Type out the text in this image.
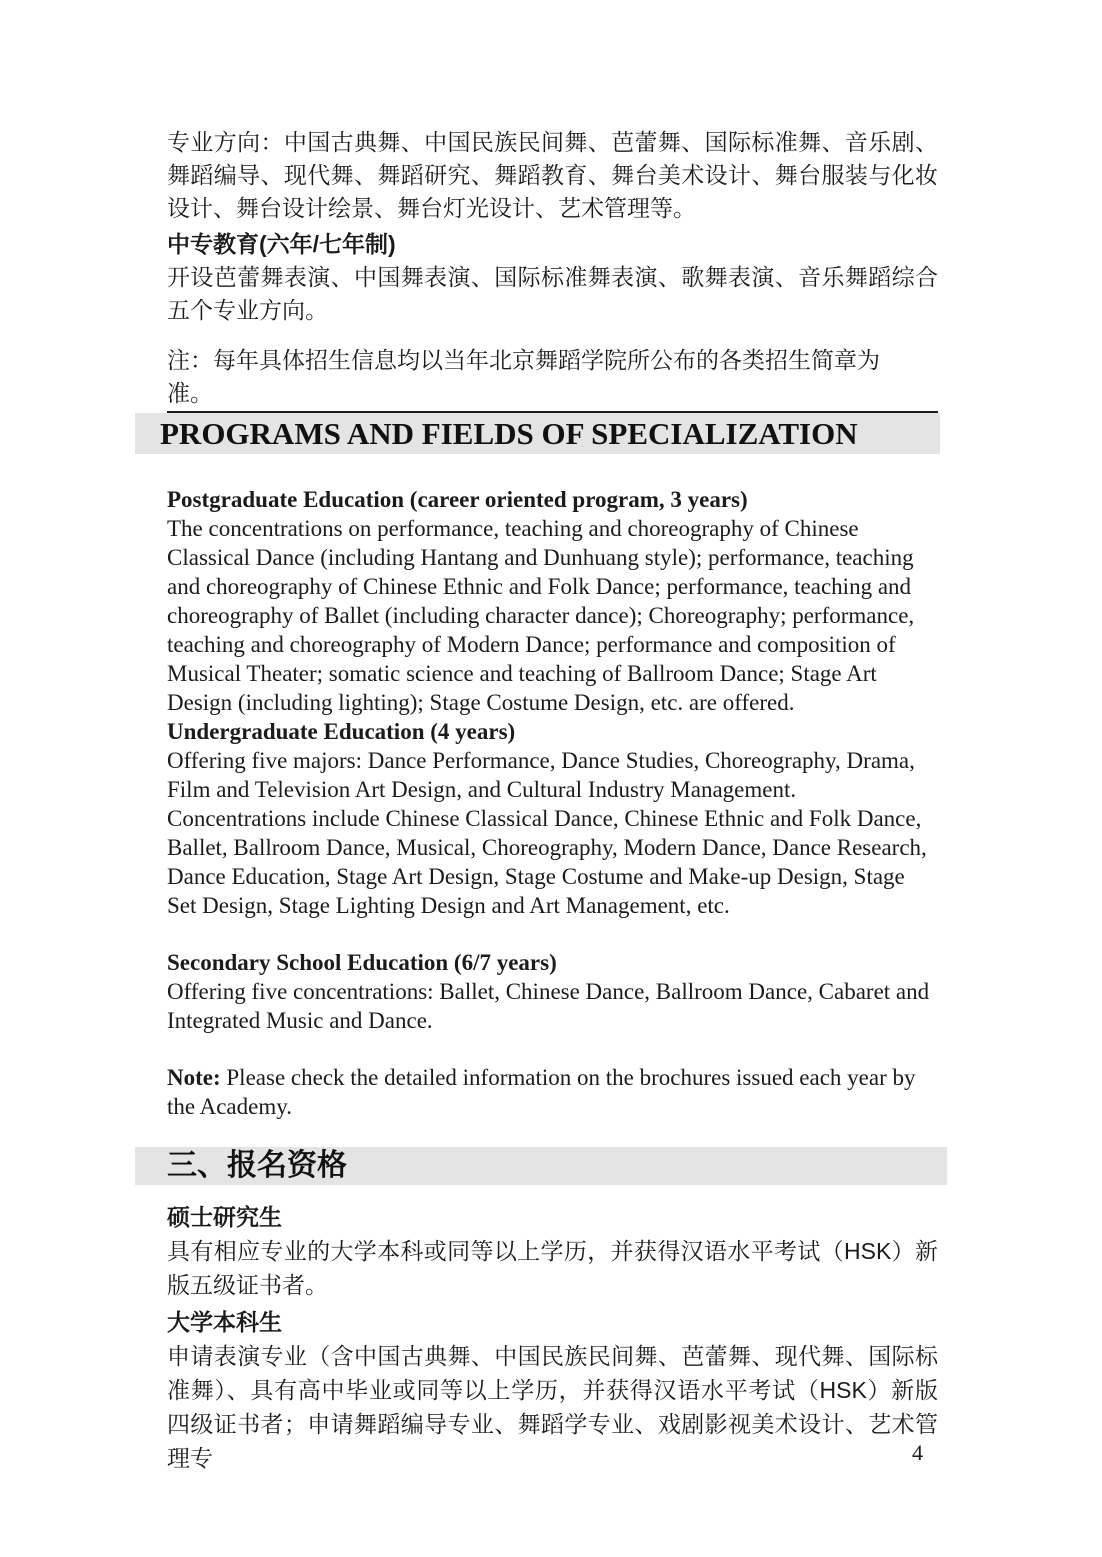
专业方向：中国古典舞、中国民族民间舞、芭蕾舞、国际标准舞、音乐剧、舞蹈编导、现代舞、舞蹈研究、舞蹈教育、舞台美术设计、舞台服装与化妆设计、舞台设计绘景、舞台灯光设计、艺术管理等。

中专教育(六年/七年制)

开设芭蕾舞表演、中国舞表演、国际标准舞表演、歌舞表演、音乐舞蹈综合五个专业方向。

注：每年具体招生信息均以当年北京舞蹈学院所公布的各类招生简章为准。

PROGRAMS AND FIELDS OF SPECIALIZATION

Postgraduate Education (career oriented program, 3 years)

The concentrations on performance, teaching and choreography of Chinese Classical Dance (including Hantang and Dunhuang style); performance, teaching and choreography of Chinese Ethnic and Folk Dance; performance, teaching and choreography of Ballet (including character dance); Choreography; performance, teaching and choreography of Modern Dance; performance and composition of Musical Theater; somatic science and teaching of Ballroom Dance; Stage Art Design (including lighting); Stage Costume Design, etc. are offered.

Undergraduate Education (4 years)

Offering five majors: Dance Performance, Dance Studies, Choreography, Drama, Film and Television Art Design, and Cultural Industry Management.

Concentrations include Chinese Classical Dance, Chinese Ethnic and Folk Dance, Ballet, Ballroom Dance, Musical, Choreography, Modern Dance, Dance Research, Dance Education, Stage Art Design, Stage Costume and Make-up Design, Stage Set Design, Stage Lighting Design and Art Management, etc.

Secondary School Education (6/7 years)

Offering five concentrations: Ballet, Chinese Dance, Ballroom Dance, Cabaret and Integrated Music and Dance.

Note: Please check the detailed information on the brochures issued each year by the Academy.

三、报名资格
硕士研究生

具有相应专业的大学本科或同等以上学历，并获得汉语水平考试（HSK）新版五级证书者。

大学本科生

申请表演专业（含中国古典舞、中国民族民间舞、芭蕾舞、现代舞、国际标准舞）、具有高中毕业或同等以上学历，并获得汉语水平考试（HSK）新版四级证书者；申请舞蹈编导专业、舞蹈学专业、戏剧影视美术设计、艺术管理专	4
